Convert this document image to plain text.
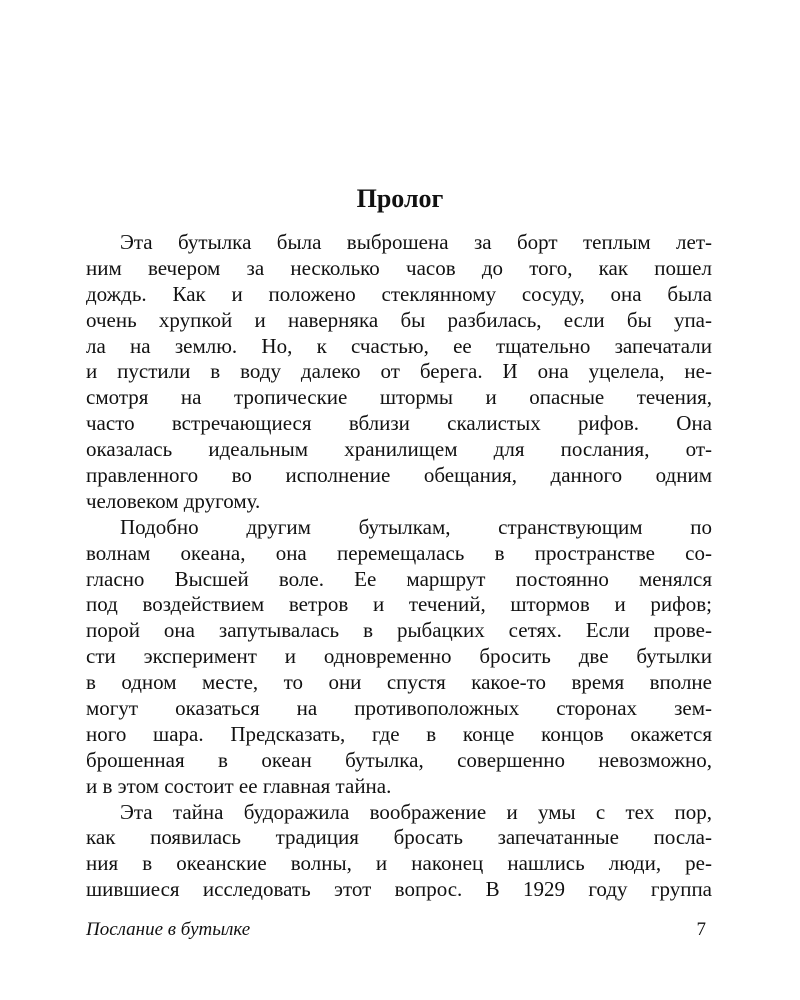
Пролог
Эта бутылка была выброшена за борт теплым лет-
ним вечером за несколько часов до того, как пошел
дождь. Как и положено стеклянному сосуду, она была
очень хрупкой и наверняка бы разбилась, если бы упа-
ла на землю. Но, к счастью, ее тщательно запечатали
и пустили в воду далеко от берега. И она уцелела, не-
смотря на тропические штормы и опасные течения,
часто встречающиеся вблизи скалистых рифов. Она
оказалась идеальным хранилищем для послания, от-
правленного во исполнение обещания, данного одним
человеком другому.
Подобно другим бутылкам, странствующим по
волнам океана, она перемещалась в пространстве со-
гласно Высшей воле. Ее маршрут постоянно менялся
под воздействием ветров и течений, штормов и рифов;
порой она запутывалась в рыбацких сетях. Если прове-
сти эксперимент и одновременно бросить две бутылки
в одном месте, то они спустя какое-то время вполне
могут оказаться на противоположных сторонах зем-
ного шара. Предсказать, где в конце концов окажется
брошенная в океан бутылка, совершенно невозможно,
и в этом состоит ее главная тайна.
Эта тайна будоражила воображение и умы с тех пор,
как появилась традиция бросать запечатанные посла-
ния в океанские волны, и наконец нашлись люди, ре-
шившиеся исследовать этот вопрос. В 1929 году группа
Послание в бутылке	7
